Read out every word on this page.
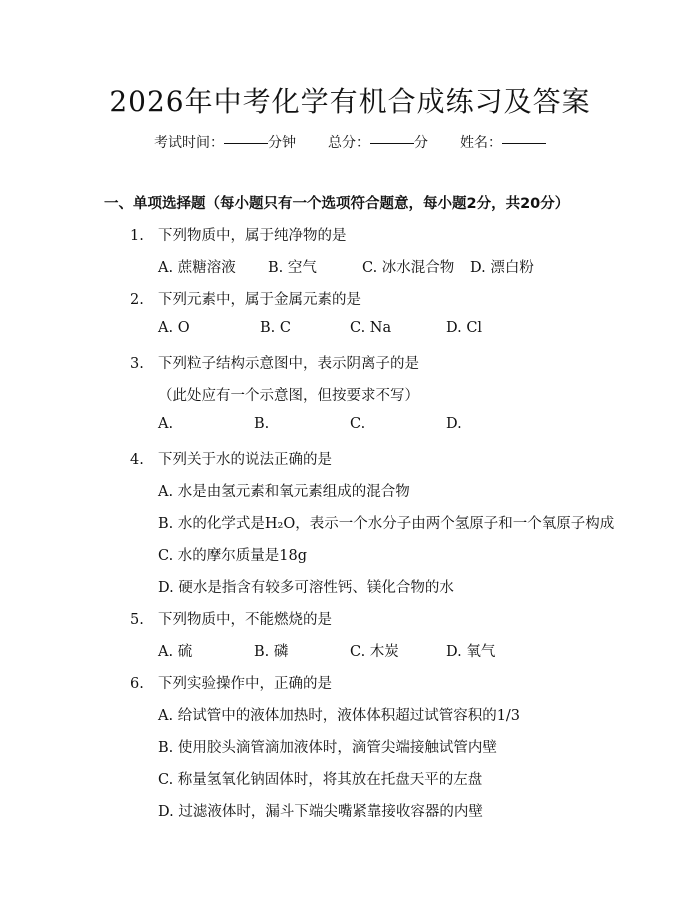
2026年中考化学有机合成练习及答案
考试时间：	分钟 总分：	分 姓名：
一、单项选择题（每小题只有一个选项符合题意，每小题2分，共20分）
1. 下列物质中，属于纯净物的是
A. 蔗糖溶液 B. 空气	C. 冰水混合物 D. 漂白粉
2. 下列元素中，属于金属元素的是
A. O	B. C	C. Na	D. Cl
3. 下列粒子结构示意图中，表示阴离子的是
（此处应有一个示意图，但按要求不写）
A.	B.	C.	D.
4. 下列关于水的说法正确的是
A. 水是由氢元素和氧元素组成的混合物
B. 水的化学式是H₂O，表示一个水分子由两个氢原子和一个氧原子构成
C. 水的摩尔质量是18g
D. 硬水是指含有较多可溶性钙、镁化合物的水
5. 下列物质中，不能燃烧的是
A. 硫	B. 磷	C. 木炭	D. 氧气
6. 下列实验操作中，正确的是
A. 给试管中的液体加热时，液体体积超过试管容积的1/3
B. 使用胶头滴管滴加液体时，滴管尖端接触试管内壁
C. 称量氢氧化钠固体时，将其放在托盘天平的左盘
D. 过滤液体时，漏斗下端尖嘴紧靠接收容器的内壁
